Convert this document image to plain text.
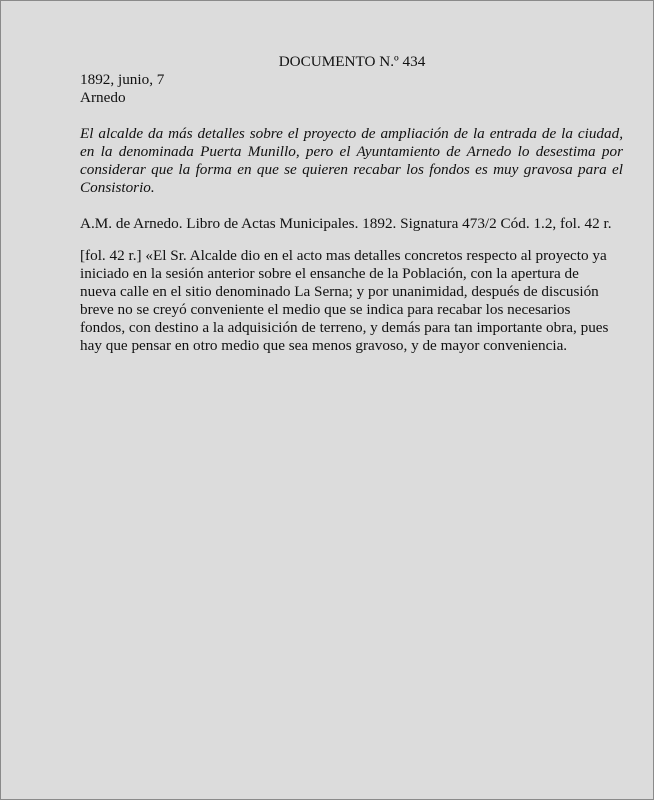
DOCUMENTO N.º 434
1892, junio, 7
Arnedo

El alcalde da más detalles sobre el proyecto de ampliación de la entrada de la ciudad, en la denominada Puerta Munillo, pero el Ayuntamiento de Arnedo lo desestima por considerar que la forma en que se quieren recabar los fondos es muy gravosa para el Consistorio.

A.M. de Arnedo. Libro de Actas Municipales. 1892. Signatura 473/2 Cód. 1.2, fol. 42 r.

[fol. 42 r.] «El Sr. Alcalde dio en el acto mas detalles concretos respecto al proyecto ya
iniciado en la sesión anterior sobre el ensanche de la Población, con la apertura de
nueva calle en el sitio denominado La Serna; y por unanimidad, después de discusión
breve no se creyó conveniente el medio que se indica para recabar los necesarios
fondos, con destino a la adquisición de terreno, y demás para tan importante obra, pues
hay que pensar en otro medio que sea menos gravoso, y de mayor conveniencia.
